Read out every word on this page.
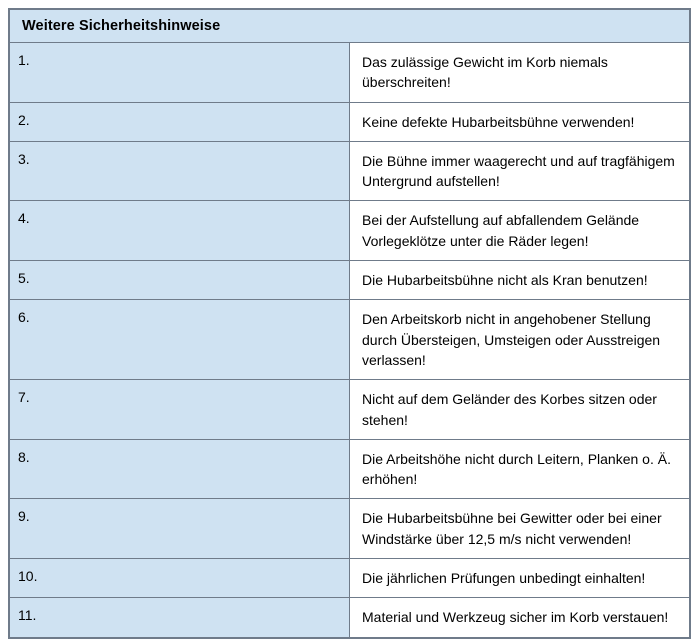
Weitere Sicherheitshinweise	
1.	Das zulässige Gewicht im Korb niemals überschreiten!
2.	Keine defekte Hubarbeitsbühne verwenden!
3.	Die Bühne immer waagerecht und auf tragfähigem Untergrund aufstellen!
4.	Bei der Aufstellung auf abfallendem Gelände Vorlegeklötze unter die Räder legen!
5.	Die Hubarbeitsbühne nicht als Kran benutzen!
6.	Den Arbeitskorb nicht in angehobener Stellung durch Übersteigen, Umsteigen oder Ausstreigen verlassen!
7.	Nicht auf dem Geländer des Korbes sitzen oder stehen!
8.	Die Arbeitshöhe nicht durch Leitern, Planken o. Ä. erhöhen!
9.	Die Hubarbeitsbühne bei Gewitter oder bei einer Windstärke über 12,5 m/s nicht verwenden!
10.	Die jährlichen Prüfungen unbedingt einhalten!
11.	Material und Werkzeug sicher im Korb verstauen!
